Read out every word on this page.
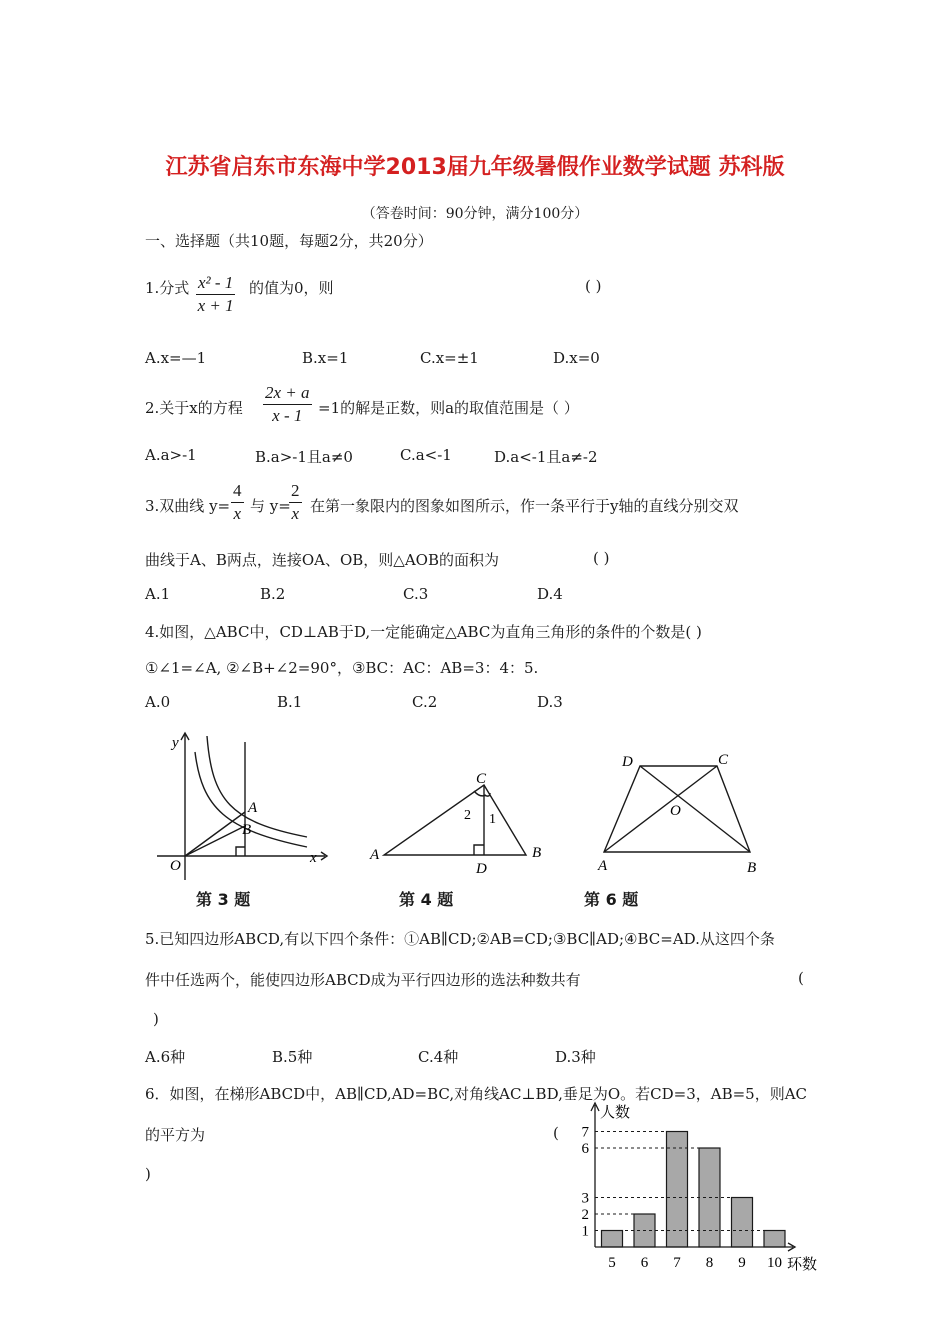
江苏省启东市东海中学2013届九年级暑假作业数学试题 苏科版
（答卷时间：90分钟，满分100分）
一、选择题（共10题，每题2分，共20分）
1.分式 $\frac{\text{x² - 1}}{x + 1}$ 的值为0，则	( )
A.x=—1	B.x=1	C.x=±1	D.x=0
2.关于x的方程 $\frac{2x + a}{x - 1} =1$的解是正数，则a的取值范围是（ ）
A.a>-1	B.a>-1且a≠0	C.a<-1	D.a<-1且a≠-2
3.双曲线 $y= \frac{4}{x}$ 与 y=
$\frac{2}{x}$ 在第一象限内的图象如图所示，作一条平行于y轴的直线分别交双
曲线于A、B两点，连接OA、OB，则△AOB的面积为	( )
A.1	B.2	C.3	D.4
4.如图，△ABC中，CD⊥AB于D,一定能确定△ABC为直角三角形的条件的个数是( )
①∠1=∠A, ②∠B+∠2=90°，③BC：AC：AB=3：4：5.
A.0	B.1	C.2	D.3
y
x
O
A
B
第 3 题
C
A	B
D
2 1
第 4 题
D	C
O
A	B
第 6 题
5.已知四边形ABCD,有以下四个条件：①AB∥CD;②AB=CD;③BC∥AD;④BC=AD.从这四个条
件中任选两个，能使四边形ABCD成为平行四边形的选法种数共有	(
)
A.6种	B.5种	C.4种	D.3种
6．如图，在梯形ABCD中，AB∥CD,AD=BC,对角线AC⊥BD,垂足为O。若CD=3，AB=5，则AC
的平方为	(
)
5 6 7 8 9 10
1
2
3
6
7
人数
环数
